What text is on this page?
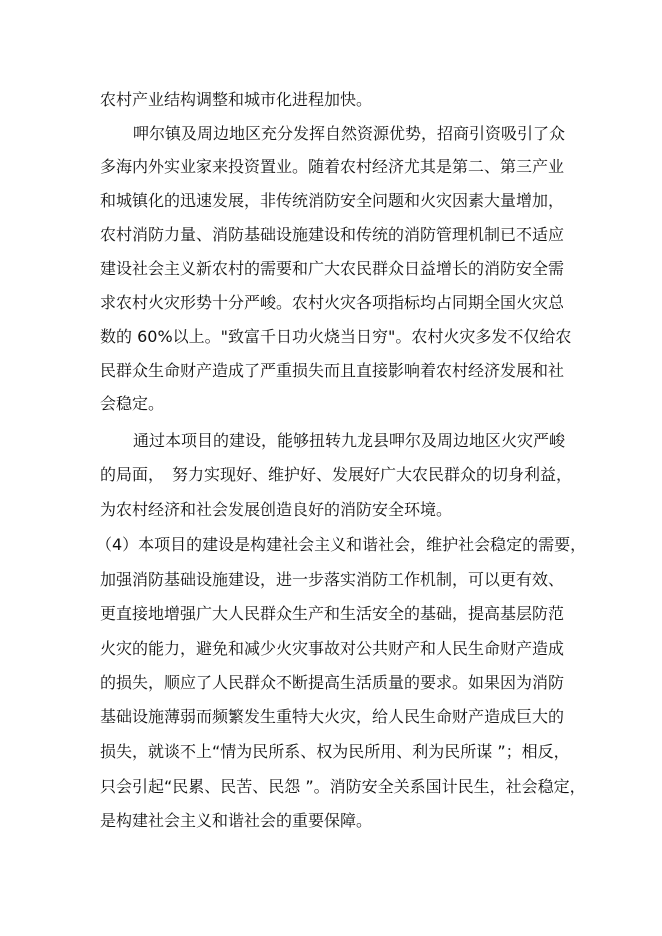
农村产业结构调整和城市化进程加快。
呷尔镇及周边地区充分发挥自然资源优势，招商引资吸引了众
多海内外实业家来投资置业。随着农村经济尤其是第二、第三产业
和城镇化的迅速发展，非传统消防安全问题和火灾因素大量增加，
农村消防力量、消防基础设施建设和传统的消防管理机制已不适应
建设社会主义新农村的需要和广大农民群众日益增长的消防安全需
求农村火灾形势十分严峻。农村火灾各项指标均占同期全国火灾总
数的 60%以上。"致富千日功火烧当日穷"。农村火灾多发不仅给农
民群众生命财产造成了严重损失而且直接影响着农村经济发展和社
会稳定。
通过本项目的建设，能够扭转九龙县呷尔及周边地区火灾严峻
的局面，　努力实现好、维护好、发展好广大农民群众的切身利益，
为农村经济和社会发展创造良好的消防安全环境。
（4）本项目的建设是构建社会主义和谐社会，维护社会稳定的需要，
加强消防基础设施建设，进一步落实消防工作机制，可以更有效、
更直接地增强广大人民群众生产和生活安全的基础，提高基层防范
火灾的能力，避免和减少火灾事故对公共财产和人民生命财产造成
的损失，顺应了人民群众不断提高生活质量的要求。如果因为消防
基础设施薄弱而频繁发生重特大火灾，给人民生命财产造成巨大的
损失，就谈不上“情为民所系、权为民所用、利为民所谋 ”；相反，
只会引起“民累、民苦、民怨 ”。消防安全关系国计民生，社会稳定，
是构建社会主义和谐社会的重要保障。
